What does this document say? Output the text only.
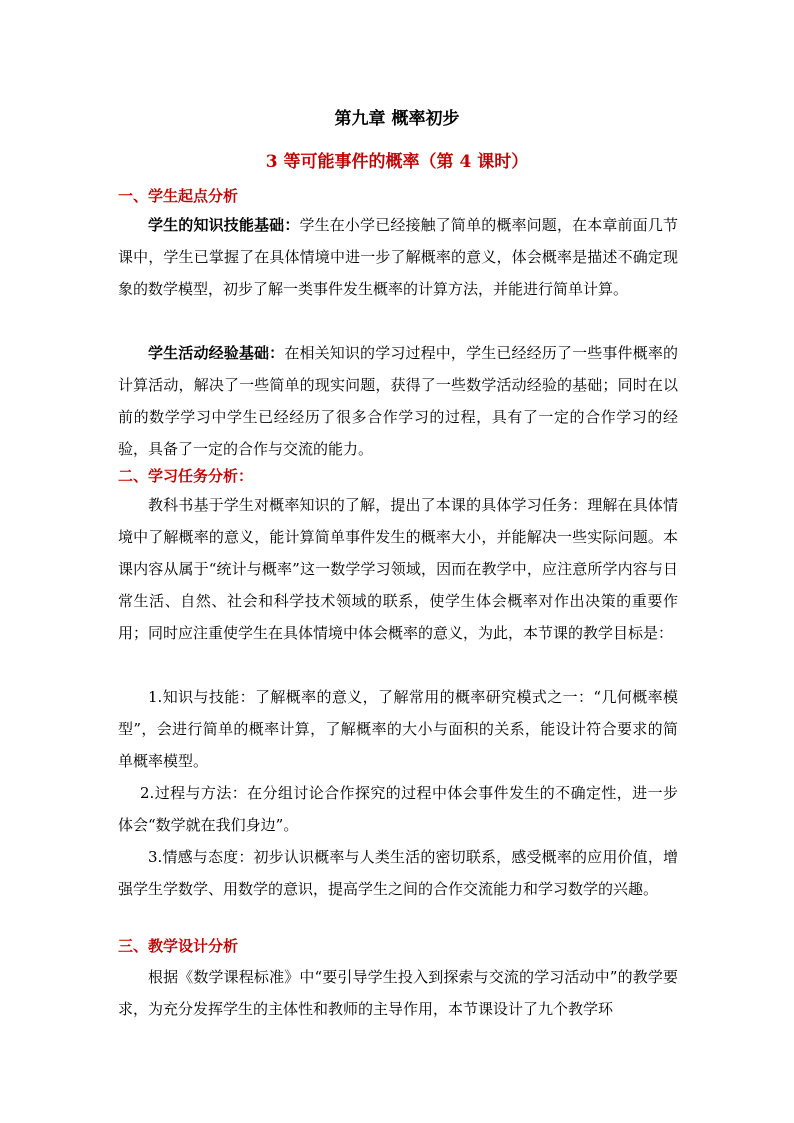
第九章 概率初步
3 等可能事件的概率（第 4 课时）
一、学生起点分析
学生的知识技能基础：学生在小学已经接触了简单的概率问题，在本章前面几节课中，学生已掌握了在具体情境中进一步了解概率的意义，体会概率是描述不确定现象的数学模型，初步了解一类事件发生概率的计算方法，并能进行简单计算。
学生活动经验基础：在相关知识的学习过程中，学生已经经历了一些事件概率的计算活动，解决了一些简单的现实问题，获得了一些数学活动经验的基础；同时在以前的数学学习中学生已经经历了很多合作学习的过程，具有了一定的合作学习的经验，具备了一定的合作与交流的能力。
二、学习任务分析：
教科书基于学生对概率知识的了解，提出了本课的具体学习任务：理解在具体情境中了解概率的意义，能计算简单事件发生的概率大小，并能解决一些实际问题。本课内容从属于“统计与概率”这一数学学习领域，因而在教学中，应注意所学内容与日常生活、自然、社会和科学技术领域的联系，使学生体会概率对作出决策的重要作用；同时应注重使学生在具体情境中体会概率的意义，为此，本节课的教学目标是：
1.知识与技能：了解概率的意义，了解常用的概率研究模式之一：“几何概率模型”，会进行简单的概率计算，了解概率的大小与面积的关系，能设计符合要求的简单概率模型。
2.过程与方法：在分组讨论合作探究的过程中体会事件发生的不确定性，进一步体会“数学就在我们身边”。
3.情感与态度：初步认识概率与人类生活的密切联系，感受概率的应用价值，增强学生学数学、用数学的意识，提高学生之间的合作交流能力和学习数学的兴趣。
三、教学设计分析
根据《数学课程标准》中“要引导学生投入到探索与交流的学习活动中”的教学要求，为充分发挥学生的主体性和教师的主导作用，本节课设计了九个教学环
